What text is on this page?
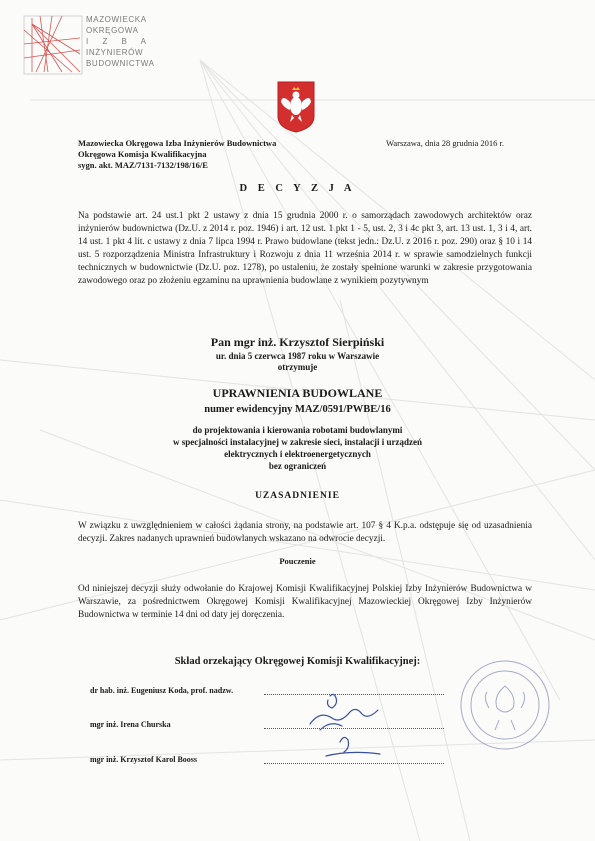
MAZOWIECKA
OKRĘGOWA
I Z B A
INŻYNIERÓW
BUDOWNICTWA
Mazowiecka Okręgowa Izba Inżynierów Budownictwa
Okręgowa Komisja Kwalifikacyjna
sygn. akt. MAZ/7131-7132/198/16/E
Warszawa, dnia 28 grudnia 2016 r.
D E C Y Z J A
Na podstawie art. 24 ust.1 pkt 2 ustawy z dnia 15 grudnia 2000 r. o samorządach zawodowych architektów oraz inżynierów budownictwa (Dz.U. z 2014 r. poz. 1946) i art. 12 ust. 1 pkt 1 - 5, ust. 2, 3 i 4c pkt 3, art. 13 ust. 1, 3 i 4, art. 14 ust. 1 pkt 4 lit. c ustawy z dnia 7 lipca 1994 r. Prawo budowlane (tekst jedn.: Dz.U. z 2016 r. poz. 290) oraz § 10 i 14 ust. 5 rozporządzenia Ministra Infrastruktury i Rozwoju z dnia 11 września 2014 r. w sprawie samodzielnych funkcji technicznych w budownictwie (Dz.U. poz. 1278), po ustaleniu, że zostały spełnione warunki w zakresie przygotowania zawodowego oraz po złożeniu egzaminu na uprawnienia budowlane z wynikiem pozytywnym
Pan mgr inż. Krzysztof Sierpiński
ur. dnia 5 czerwca 1987 roku w Warszawie
otrzymuje
UPRAWNIENIA BUDOWLANE
numer ewidencyjny MAZ/0591/PWBE/16
do projektowania i kierowania robotami budowlanymi
w specjalności instalacyjnej w zakresie sieci, instalacji i urządzeń
elektrycznych i elektroenergetycznych
bez ograniczeń
UZASADNIENIE
W związku z uwzględnieniem w całości żądania strony, na podstawie art. 107 § 4 K.p.a. odstępuje się od uzasadnienia decyzji. Zakres nadanych uprawnień budowlanych wskazano na odwrocie decyzji.
Pouczenie
Od niniejszej decyzji służy odwołanie do Krajowej Komisji Kwalifikacyjnej Polskiej Izby Inżynierów Budownictwa w Warszawie, za pośrednictwem Okręgowej Komisji Kwalifikacyjnej Mazowieckiej Okręgowej Izby Inżynierów Budownictwa w terminie 14 dni od daty jej doręczenia.
Skład orzekający Okręgowej Komisji Kwalifikacyjnej:
dr hab. inż. Eugeniusz Koda, prof. nadzw.
mgr inż. Irena Churska
mgr inż. Krzysztof Karol Booss
